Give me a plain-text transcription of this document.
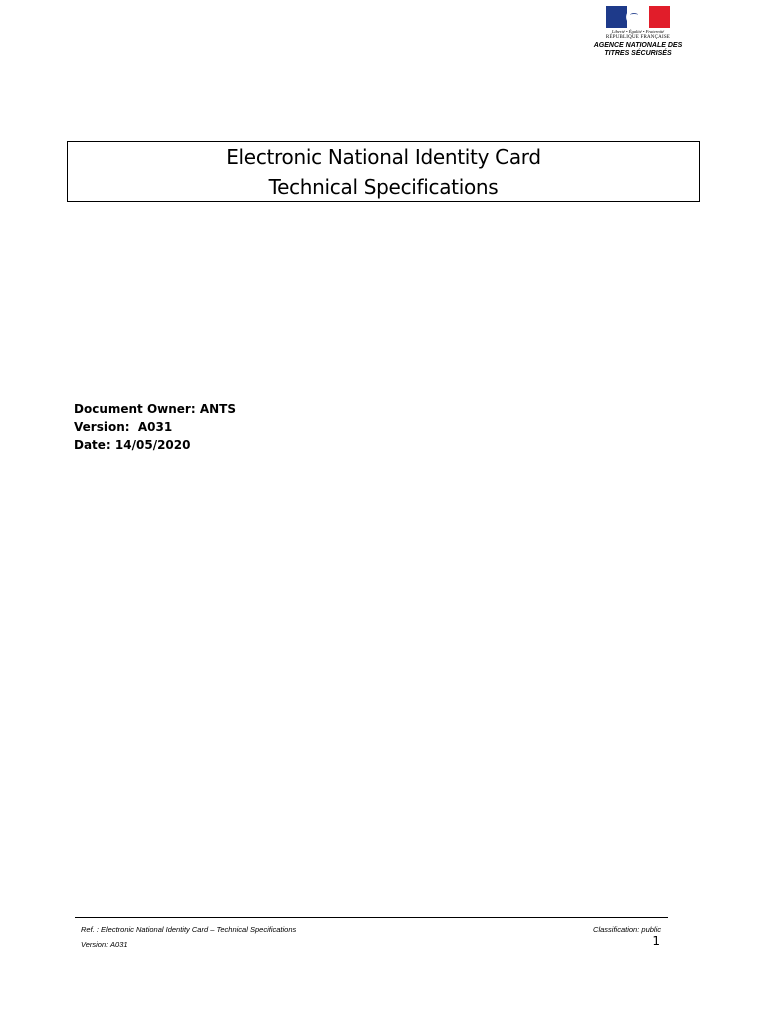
Liberté • Égalité • Fraternité
RÉPUBLIQUE FRANÇAISE
AGENCE NATIONALE DES
TITRES SÉCURISÉS
Electronic National Identity Card
Technical Specifications
Document Owner: ANTS
Version:  A031
Date: 14/05/2020
Ref. : Electronic National Identity Card – Technical Specifications
Version: A031
Classification: public
1
